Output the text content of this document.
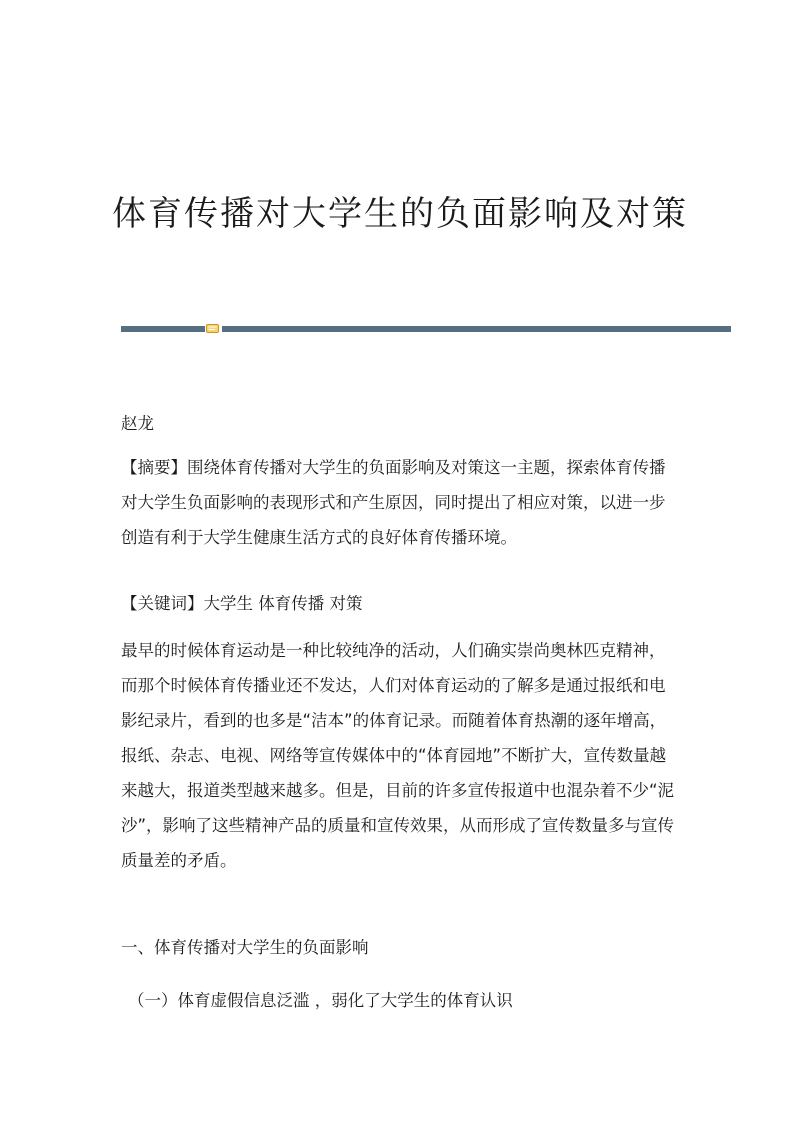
体育传播对大学生的负面影响及对策
赵龙
【摘要】围绕体育传播对大学生的负面影响及对策这一主题，探索体育传播对大学生负面影响的表现形式和产生原因，同时提出了相应对策，以进一步创造有利于大学生健康生活方式的良好体育传播环境。
【关键词】大学生 体育传播 对策
最早的时候体育运动是一种比较纯净的活动，人们确实崇尚奥林匹克精神，而那个时候体育传播业还不发达，人们对体育运动的了解多是通过报纸和电影纪录片，看到的也多是“洁本”的体育记录。而随着体育热潮的逐年增高，报纸、杂志、电视、网络等宣传媒体中的“体育园地”不断扩大，宣传数量越来越大，报道类型越来越多。但是，目前的许多宣传报道中也混杂着不少“泥沙”，影响了这些精神产品的质量和宣传效果，从而形成了宣传数量多与宣传质量差的矛盾。
一、体育传播对大学生的负面影响
（一）体育虚假信息泛滥 ，弱化了大学生的体育认识
